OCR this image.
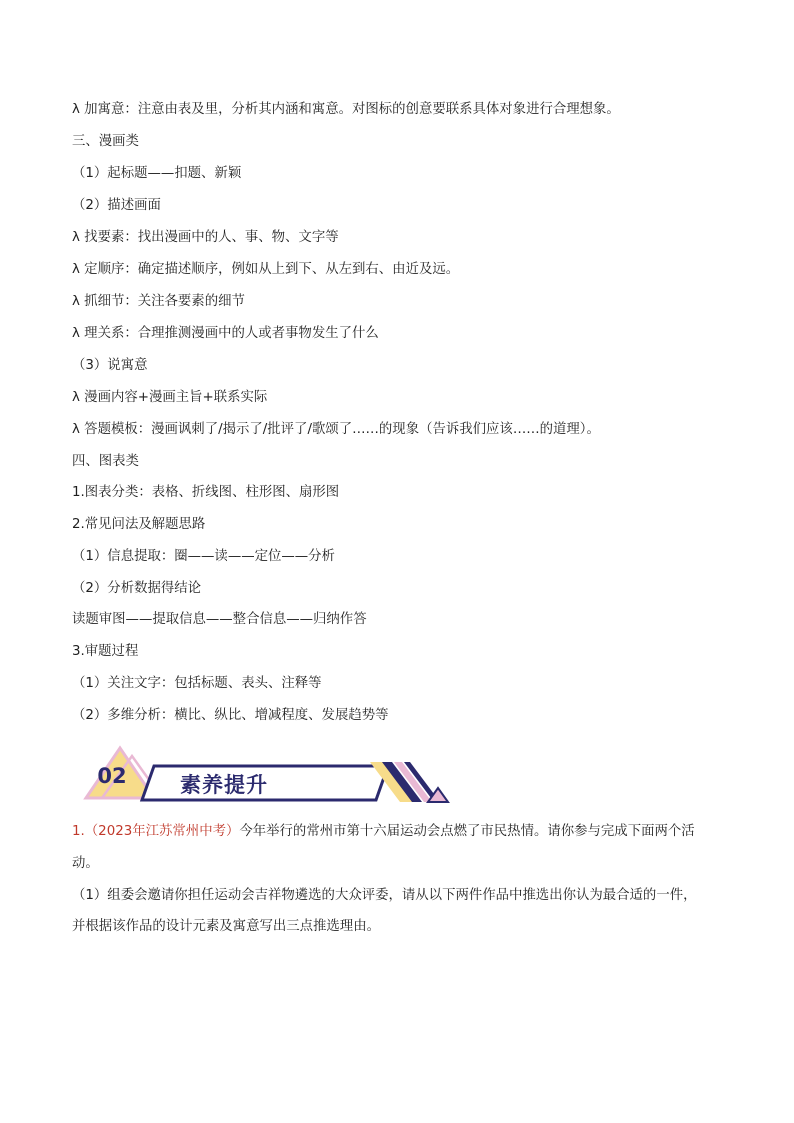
λ 加寓意：注意由表及里，分析其内涵和寓意。对图标的创意要联系具体对象进行合理想象。
三、漫画类
（1）起标题——扣题、新颖
（2）描述画面
λ 找要素：找出漫画中的人、事、物、文字等
λ 定顺序：确定描述顺序，例如从上到下、从左到右、由近及远。
λ 抓细节：关注各要素的细节
λ 理关系：合理推测漫画中的人或者事物发生了什么
（3）说寓意
λ 漫画内容+漫画主旨+联系实际
λ 答题模板：漫画讽刺了/揭示了/批评了/歌颂了……的现象（告诉我们应该……的道理）。
四、图表类
1.图表分类：表格、折线图、柱形图、扇形图
2.常见问法及解题思路
（1）信息提取：圈——读——定位——分析
（2）分析数据得结论
读题审图——提取信息——整合信息——归纳作答
3.审题过程
（1）关注文字：包括标题、表头、注释等
（2）多维分析：横比、纵比、增减程度、发展趋势等
02	素养提升
1.（2023年江苏常州中考）今年举行的常州市第十六届运动会点燃了市民热情。请你参与完成下面两个活
动。
（1）组委会邀请你担任运动会吉祥物遴选的大众评委，请从以下两件作品中推选出你认为最合适的一件，
并根据该作品的设计元素及寓意写出三点推选理由。
